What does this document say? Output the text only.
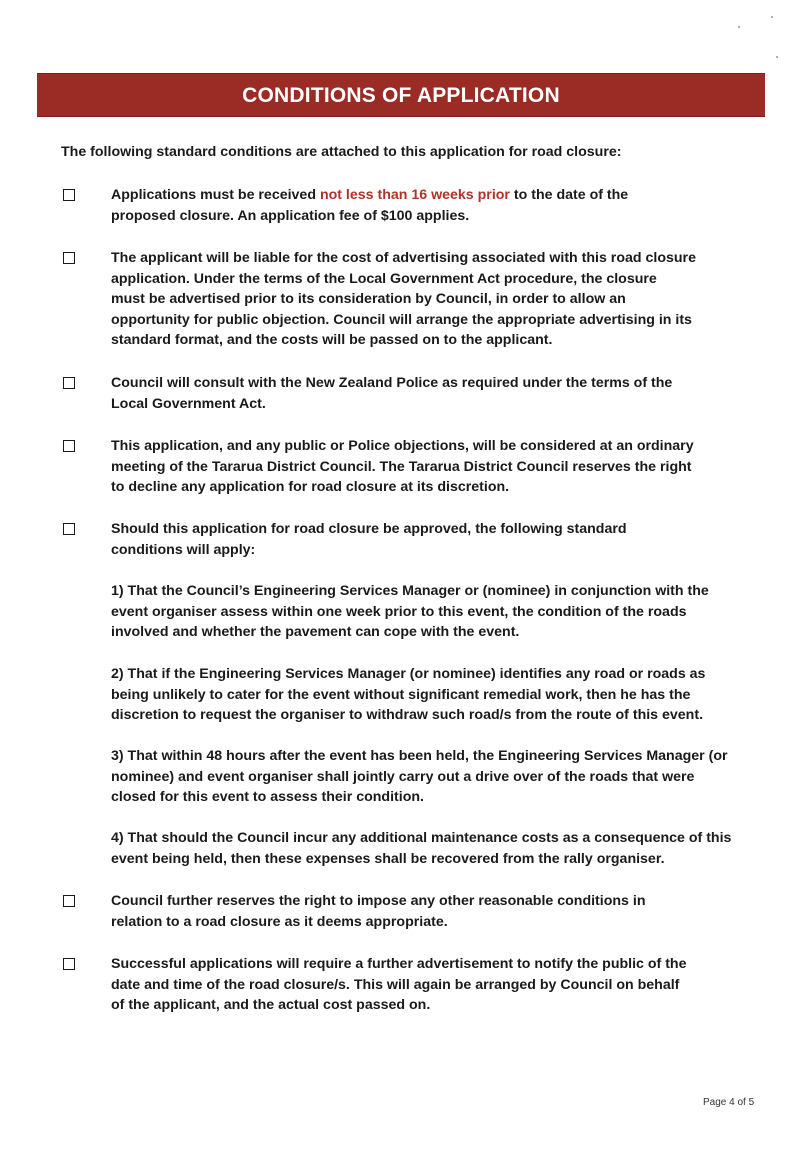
CONDITIONS OF APPLICATION
The following standard conditions are attached to this application for road closure:
Applications must be received not less than 16 weeks prior to the date of the
proposed closure. An application fee of $100 applies.
The applicant will be liable for the cost of advertising associated with this road closure
application. Under the terms of the Local Government Act procedure, the closure
must be advertised prior to its consideration by Council, in order to allow an
opportunity for public objection. Council will arrange the appropriate advertising in its
standard format, and the costs will be passed on to the applicant.
Council will consult with the New Zealand Police as required under the terms of the
Local Government Act.
This application, and any public or Police objections, will be considered at an ordinary
meeting of the Tararua District Council. The Tararua District Council reserves the right
to decline any application for road closure at its discretion.
Should this application for road closure be approved, the following standard
conditions will apply:
1) That the Council’s Engineering Services Manager or (nominee) in conjunction with the
event organiser assess within one week prior to this event, the condition of the roads
involved and whether the pavement can cope with the event.
2) That if the Engineering Services Manager (or nominee) identifies any road or roads as
being unlikely to cater for the event without significant remedial work, then he has the
discretion to request the organiser to withdraw such road/s from the route of this event.
3) That within 48 hours after the event has been held, the Engineering Services Manager (or
nominee) and event organiser shall jointly carry out a drive over of the roads that were
closed for this event to assess their condition.
4) That should the Council incur any additional maintenance costs as a consequence of this
event being held, then these expenses shall be recovered from the rally organiser.
Council further reserves the right to impose any other reasonable conditions in
relation to a road closure as it deems appropriate.
Successful applications will require a further advertisement to notify the public of the
date and time of the road closure/s. This will again be arranged by Council on behalf
of the applicant, and the actual cost passed on.
Page 4 of 5
